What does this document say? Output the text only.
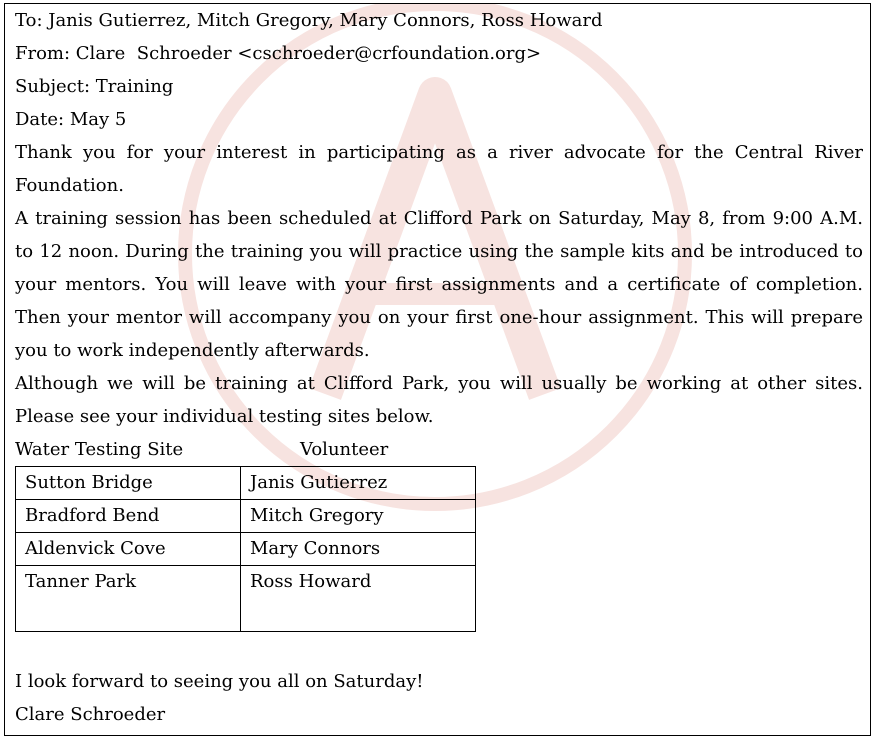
To: Janis Gutierrez, Mitch Gregory, Mary Connors, Ross Howard

From: Clare  Schroeder <cschroeder@crfoundation.org>

Subject: Training

Date: May 5

Thank you for your interest in participating as a river advocate for the Central River Foundation.

A training session has been scheduled at Clifford Park on Saturday, May 8, from 9:00 A.M. to 12 noon. During the training you will practice using the sample kits and be introduced to your mentors. You will leave with your first assignments and a certificate of completion. Then your mentor will accompany you on your first one-hour assignment. This will prepare you to work independently afterwards.

Although we will be training at Clifford Park, you will usually be working at other sites. Please see your individual testing sites below.

Water Testing Site	Volunteer
Sutton Bridge	Janis Gutierrez
Bradford Bend	Mitch Gregory
Aldenvick Cove	Mary Connors
Tanner Park	Ross Howard

I look forward to seeing you all on Saturday!

Clare Schroeder
